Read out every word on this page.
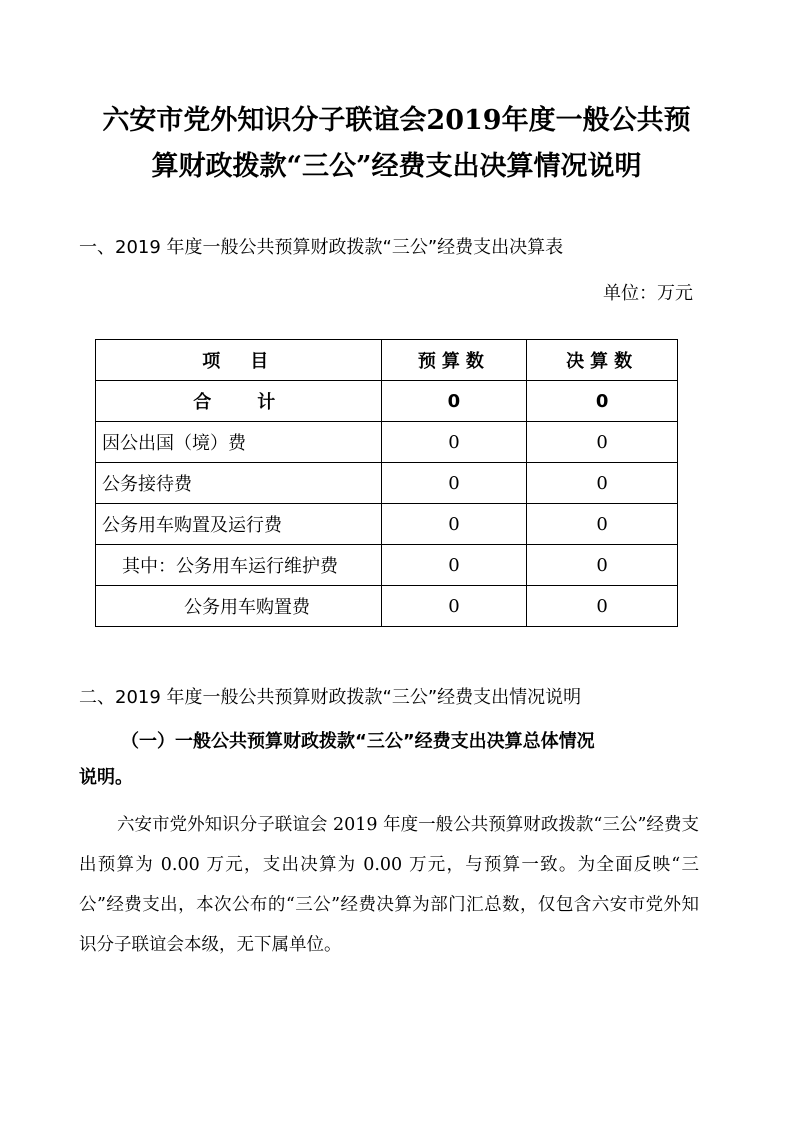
六安市党外知识分子联谊会2019年度一般公共预
算财政拨款“三公”经费支出决算情况说明
一、2019 年度一般公共预算财政拨款“三公”经费支出决算表
单位：万元
项　目	预算数	决算数
合　计	0	0
因公出国（境）费	0	0
公务接待费	0	0
公务用车购置及运行费	0	0
其中：公务用车运行维护费	0	0
公务用车购置费	0	0
二、2019 年度一般公共预算财政拨款“三公”经费支出情况说明
（一）一般公共预算财政拨款“三公”经费支出决算总体情况
说明。
六安市党外知识分子联谊会 2019 年度一般公共预算财政拨款“三公”经费支出预算为 0.00 万元，支出决算为 0.00 万元，与预算一致。为全面反映“三公”经费支出，本次公布的“三公”经费决算为部门汇总数，仅包含六安市党外知识分子联谊会本级，无下属单位。
